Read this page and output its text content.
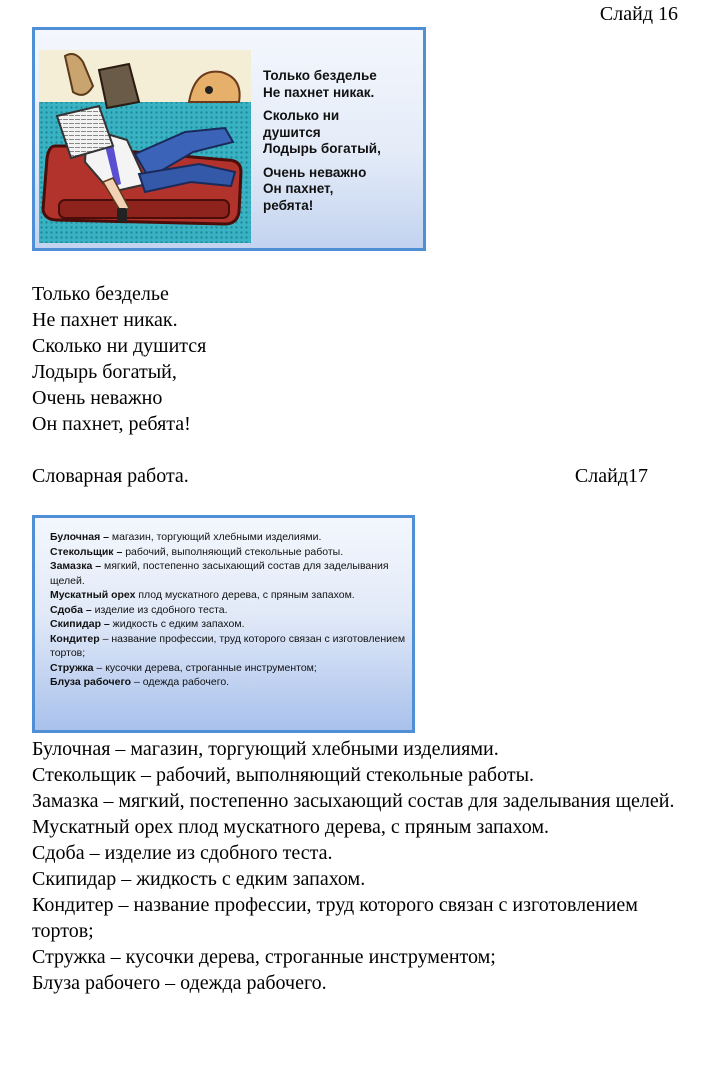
Слайд 16
Только безделье
Не пахнет никак.
Сколько ни
душится
Лодырь богатый,
Очень неважно
Он пахнет,
ребята!
Только безделье
Не пахнет никак.
Сколько ни душится
Лодырь богатый,
Очень неважно
Он пахнет, ребята!
Словарная работа.	Слайд17
Булочная – магазин, торгующий хлебными изделиями.
Стекольщик – рабочий, выполняющий стекольные работы.
Замазка – мягкий, постепенно засыхающий состав для заделывания щелей.
Мускатный орех плод мускатного дерева, с пряным запахом.
Сдоба – изделие из сдобного теста.
Скипидар – жидкость с едким запахом.
Кондитер – название профессии, труд которого связан с изготовлением тортов;
Стружка – кусочки дерева, строганные инструментом;
Блуза рабочего – одежда рабочего.
Булочная – магазин, торгующий хлебными изделиями.
Стекольщик – рабочий, выполняющий стекольные работы.
Замазка – мягкий, постепенно засыхающий состав для заделывания щелей.
Мускатный орех плод мускатного дерева, с пряным запахом.
Сдоба – изделие из сдобного теста.
Скипидар – жидкость с едким запахом.
Кондитер – название профессии, труд которого связан с изготовлением тортов;
Стружка – кусочки дерева, строганные инструментом;
Блуза рабочего – одежда рабочего.
